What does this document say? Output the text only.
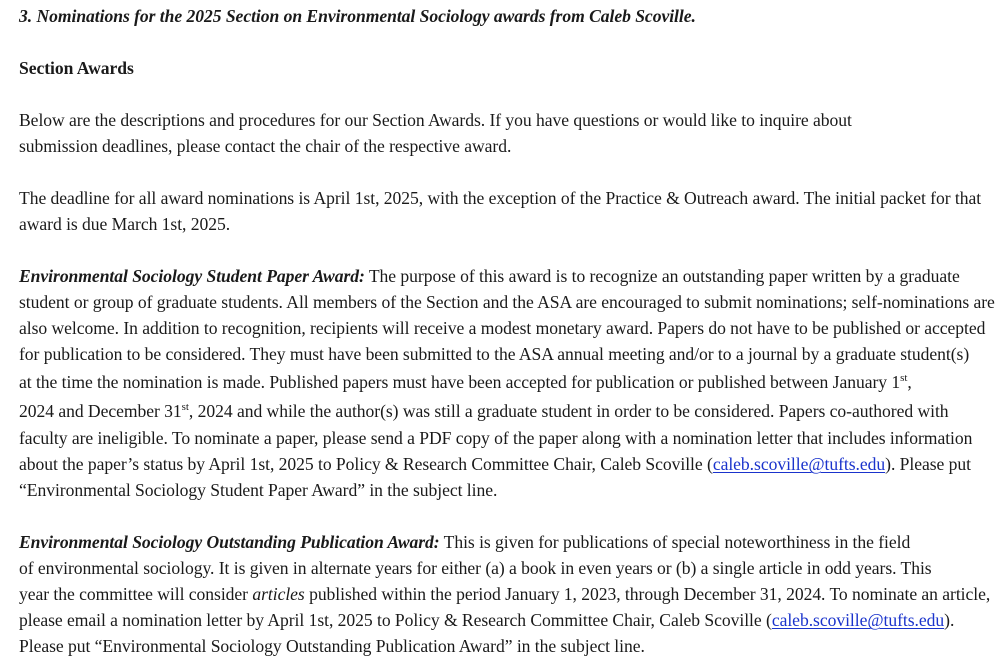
3. Nominations for the 2025 Section on Environmental Sociology awards from Caleb Scoville.
Section Awards
Below are the descriptions and procedures for our Section Awards. If you have questions or would like to inquire about
submission deadlines, please contact the chair of the respective award.
The deadline for all award nominations is April 1st, 2025, with the exception of the Practice & Outreach award. The initial packet for that
award is due March 1st, 2025.
Environmental Sociology Student Paper Award: The purpose of this award is to recognize an outstanding paper written by a graduate
student or group of graduate students. All members of the Section and the ASA are encouraged to submit nominations; self-nominations are
also welcome. In addition to recognition, recipients will receive a modest monetary award. Papers do not have to be published or accepted
for publication to be considered. They must have been submitted to the ASA annual meeting and/or to a journal by a graduate student(s)
at the time the nomination is made. Published papers must have been accepted for publication or published between January 1st,
2024 and December 31st, 2024 and while the author(s) was still a graduate student in order to be considered. Papers co-authored with
faculty are ineligible. To nominate a paper, please send a PDF copy of the paper along with a nomination letter that includes information
about the paper’s status by April 1st, 2025 to Policy & Research Committee Chair, Caleb Scoville (caleb.scoville@tufts.edu). Please put
“Environmental Sociology Student Paper Award” in the subject line.
Environmental Sociology Outstanding Publication Award: This is given for publications of special noteworthiness in the field
of environmental sociology. It is given in alternate years for either (a) a book in even years or (b) a single article in odd years. This
year the committee will consider articles published within the period January 1, 2023, through December 31, 2024. To nominate an article,
please email a nomination letter by April 1st, 2025 to Policy & Research Committee Chair, Caleb Scoville (caleb.scoville@tufts.edu).
Please put “Environmental Sociology Outstanding Publication Award” in the subject line.
